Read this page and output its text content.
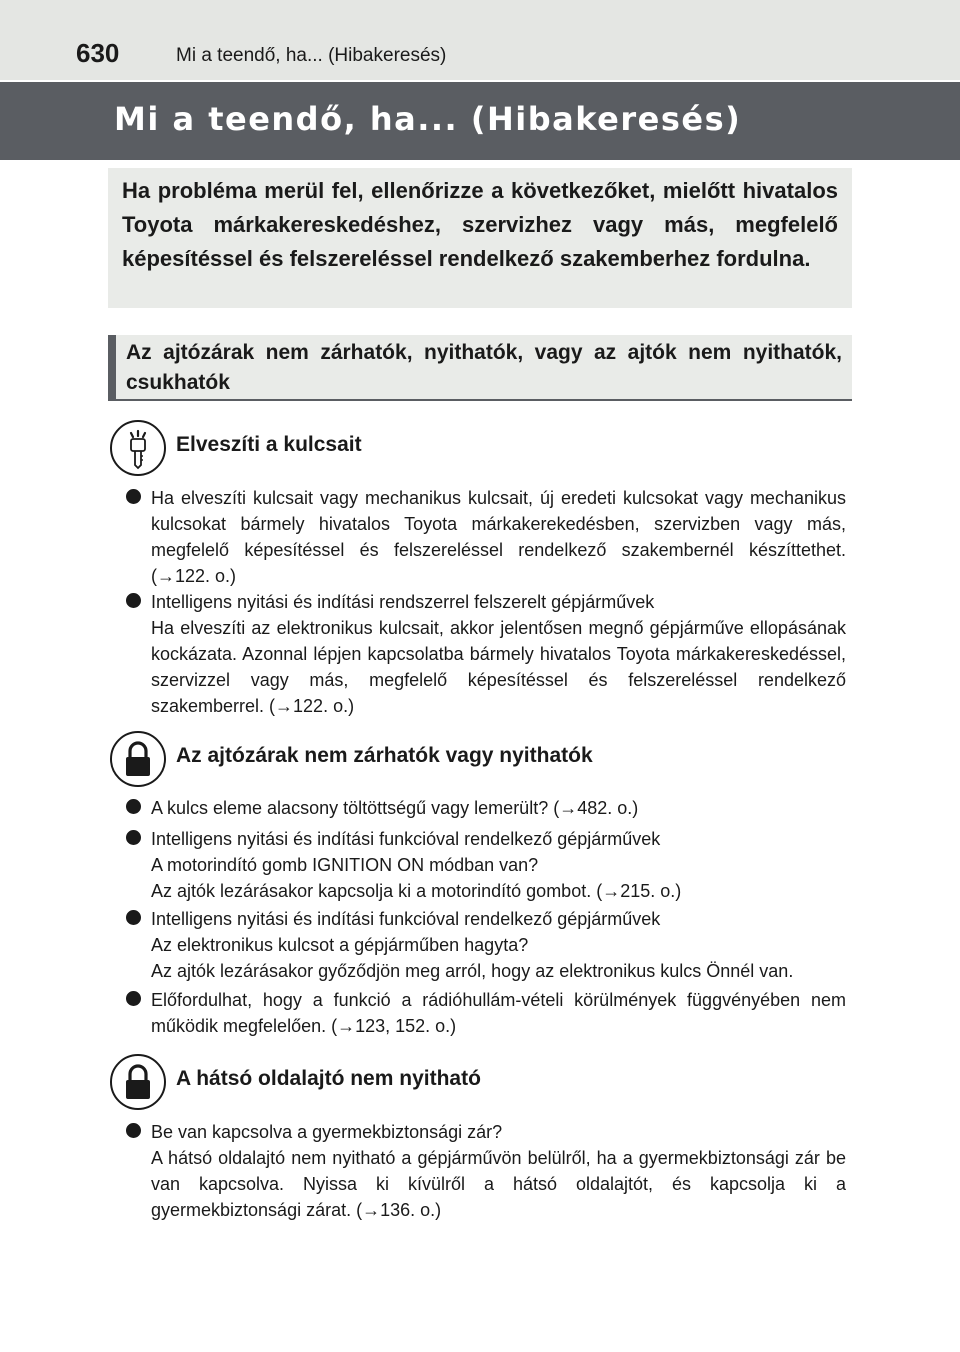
630	Mi a teendő, ha... (Hibakeresés)
Mi a teendő, ha... (Hibakeresés)
Ha probléma merül fel, ellenőrizze a következőket, mielőtt hivatalos Toyota márkakereskedéshez, szervizhez vagy más, megfelelő képesítéssel és felszereléssel rendelkező szakemberhez fordulna.
Az ajtózárak nem zárhatók, nyithatók, vagy az ajtók nem nyithatók, csukhatók
Elveszíti a kulcsait
Ha elveszíti kulcsait vagy mechanikus kulcsait, új eredeti kulcsokat vagy mechanikus kulcsokat bármely hivatalos Toyota márkakerekedésben, szervizben vagy más, megfelelő képesítéssel és felszereléssel rendelkező szakembernél készíttethet. (→122. o.)
Intelligens nyitási és indítási rendszerrel felszerelt gépjárművek
Ha elveszíti az elektronikus kulcsait, akkor jelentősen megnő gépjárműve ellopásának kockázata. Azonnal lépjen kapcsolatba bármely hivatalos Toyota márkakereskedéssel, szervizzel vagy más, megfelelő képesítéssel és felszereléssel rendelkező szakemberrel. (→122. o.)
Az ajtózárak nem zárhatók vagy nyithatók
A kulcs eleme alacsony töltöttségű vagy lemerült? (→482. o.)
Intelligens nyitási és indítási funkcióval rendelkező gépjárművek
A motorindító gomb IGNITION ON módban van?
Az ajtók lezárásakor kapcsolja ki a motorindító gombot. (→215. o.)
Intelligens nyitási és indítási funkcióval rendelkező gépjárművek
Az elektronikus kulcsot a gépjárműben hagyta?
Az ajtók lezárásakor győződjön meg arról, hogy az elektronikus kulcs Önnél van.
Előfordulhat, hogy a funkció a rádióhullám-vételi körülmények függvényében nem működik megfelelően. (→123, 152. o.)
A hátsó oldalajtó nem nyitható
Be van kapcsolva a gyermekbiztonsági zár?
A hátsó oldalajtó nem nyitható a gépjárművön belülről, ha a gyermekbiztonsági zár be van kapcsolva. Nyissa ki kívülről a hátsó oldalajtót, és kapcsolja ki a gyermekbiztonsági zárat. (→136. o.)
